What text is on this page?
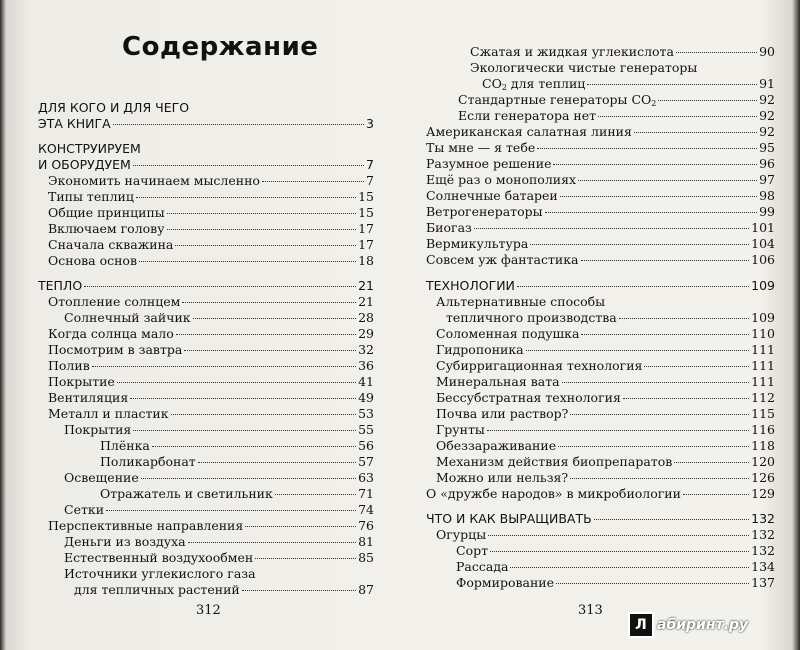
Содержание
ДЛЯ КОГО И ДЛЯ ЧЕГО
ЭТА КНИГА	3
КОНСТРУИРУЕМ
И ОБОРУДУЕМ	7
Экономить начинаем мысленно	7
Типы теплиц	15
Общие принципы	15
Включаем голову	17
Сначала скважина	17
Основа основ	18
ТЕПЛО	21
Отопление солнцем	21
Солнечный зайчик	28
Когда солнца мало	29
Посмотрим в завтра	32
Полив	36
Покрытие	41
Вентиляция	49
Металл и пластик	53
Покрытия	55
Плёнка	56
Поликарбонат	57
Освещение	63
Отражатель и светильник	71
Сетки	74
Перспективные направления	76
Деньги из воздуха	81
Естественный воздухообмен	85
Источники углекислого газа
для тепличных растений	87
312
Сжатая и жидкая углекислота	90
Экологически чистые генераторы
$CO_2$ для теплиц	91
Стандартные генераторы $CO_2$	92
Если генератора нет	92
Американская салатная линия	92
Ты мне — я тебе	95
Разумное решение	96
Ещё раз о монополиях	97
Солнечные батареи	98
Ветрогенераторы	99
Биогаз	101
Вермикультура	104
Совсем уж фантастика	106
ТЕХНОЛОГИИ	109
Альтернативные способы
тепличного производства	109
Соломенная подушка	110
Гидропоника	111
Субирригационная технология	111
Минеральная вата	111
Бессубстратная технология	112
Почва или раствор?	115
Грунты	116
Обеззараживание	118
Механизм действия биопрепаратов	120
Можно или нельзя?	126
О «дружбе народов» в микробиологии	129
ЧТО И КАК ВЫРАЩИВАТЬ	132
Огурцы	132
Сорт	132
Рассада	134
Формирование	137
313
Л абиринт.ру
